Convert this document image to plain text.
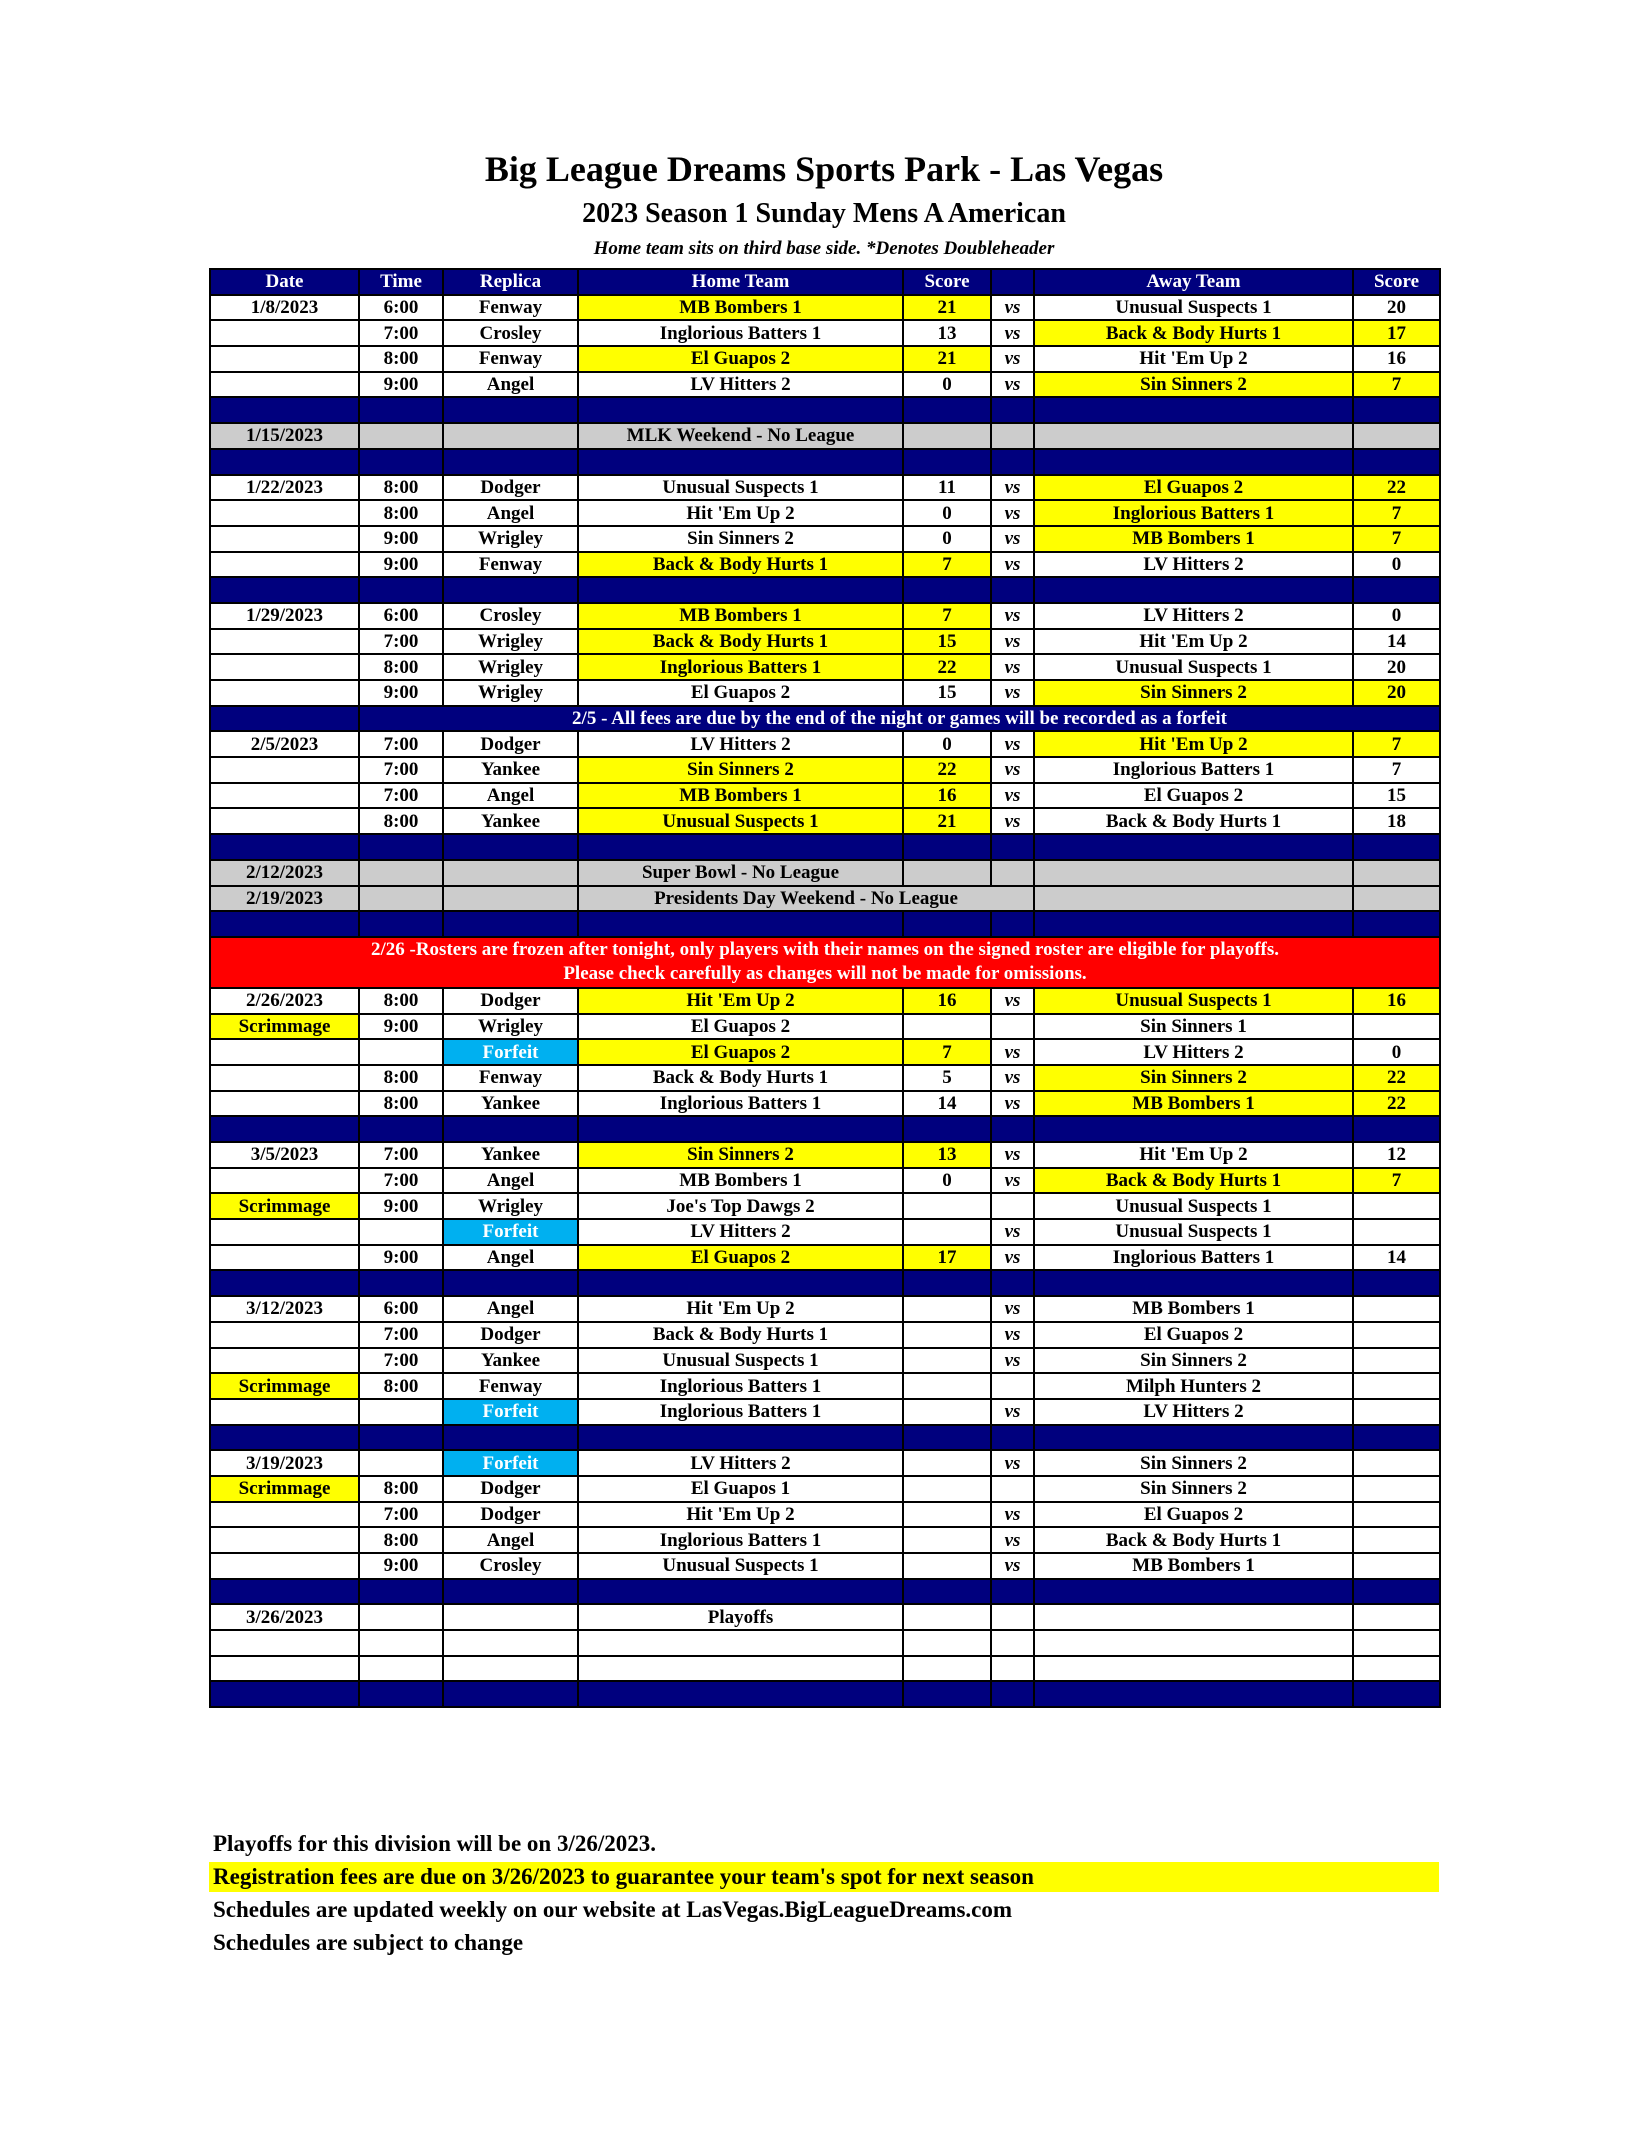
Big League Dreams Sports Park - Las Vegas
2023 Season 1 Sunday Mens A American
Home team sits on third base side. *Denotes Doubleheader
Date	Time	Replica	Home Team	Score		Away Team	Score
1/8/2023	6:00	Fenway	MB Bombers 1	21	vs	Unusual Suspects 1	20
	7:00	Crosley	Inglorious Batters 1	13	vs	Back & Body Hurts 1	17
	8:00	Fenway	El Guapos 2	21	vs	Hit 'Em Up 2	16
	9:00	Angel	LV Hitters 2	0	vs	Sin Sinners 2	7

1/15/2023			MLK Weekend - No League				

1/22/2023	8:00	Dodger	Unusual Suspects 1	11	vs	El Guapos 2	22
	8:00	Angel	Hit 'Em Up 2	0	vs	Inglorious Batters 1	7
	9:00	Wrigley	Sin Sinners 2	0	vs	MB Bombers 1	7
	9:00	Fenway	Back & Body Hurts 1	7	vs	LV Hitters 2	0

1/29/2023	6:00	Crosley	MB Bombers 1	7	vs	LV Hitters 2	0
	7:00	Wrigley	Back & Body Hurts 1	15	vs	Hit 'Em Up 2	14
	8:00	Wrigley	Inglorious Batters 1	22	vs	Unusual Suspects 1	20
	9:00	Wrigley	El Guapos 2	15	vs	Sin Sinners 2	20
	2/5 - All fees are due by the end of the night or games will be recorded as a forfeit						
2/5/2023	7:00	Dodger	LV Hitters 2	0	vs	Hit 'Em Up 2	7
	7:00	Yankee	Sin Sinners 2	22	vs	Inglorious Batters 1	7
	7:00	Angel	MB Bombers 1	16	vs	El Guapos 2	15
	8:00	Yankee	Unusual Suspects 1	21	vs	Back & Body Hurts 1	18

2/12/2023			Super Bowl - No League				
2/19/2023			Presidents Day Weekend - No League				

2/26 -Rosters are frozen after tonight, only players with their names on the signed roster are eligible for playoffs.
Please check carefully as changes will not be made for omissions.							

2/26/2023	8:00	Dodger	Hit 'Em Up 2	16	vs	Unusual Suspects 1	16
Scrimmage	9:00	Wrigley	El Guapos 2			Sin Sinners 1	
		Forfeit	El Guapos 2	7	vs	LV Hitters 2	0
	8:00	Fenway	Back & Body Hurts 1	5	vs	Sin Sinners 2	22
	8:00	Yankee	Inglorious Batters 1	14	vs	MB Bombers 1	22

3/5/2023	7:00	Yankee	Sin Sinners 2	13	vs	Hit 'Em Up 2	12
	7:00	Angel	MB Bombers 1	0	vs	Back & Body Hurts 1	7
Scrimmage	9:00	Wrigley	Joe's Top Dawgs 2			Unusual Suspects 1	
		Forfeit	LV Hitters 2		vs	Unusual Suspects 1	
	9:00	Angel	El Guapos 2	17	vs	Inglorious Batters 1	14

3/12/2023	6:00	Angel	Hit 'Em Up 2		vs	MB Bombers 1	
	7:00	Dodger	Back & Body Hurts 1		vs	El Guapos 2	
	7:00	Yankee	Unusual Suspects 1		vs	Sin Sinners 2	
Scrimmage	8:00	Fenway	Inglorious Batters 1			Milph Hunters 2	
		Forfeit	Inglorious Batters 1		vs	LV Hitters 2	

3/19/2023		Forfeit	LV Hitters 2		vs	Sin Sinners 2	
Scrimmage	8:00	Dodger	El Guapos 1			Sin Sinners 2	
	7:00	Dodger	Hit 'Em Up 2		vs	El Guapos 2	
	8:00	Angel	Inglorious Batters 1		vs	Back & Body Hurts 1	
	9:00	Crosley	Unusual Suspects 1		vs	MB Bombers 1	

3/26/2023			Playoffs				

Playoffs for this division will be on 3/26/2023.
Registration fees are due on 3/26/2023 to guarantee your team's spot for next season
Schedules are updated weekly on our website at LasVegas.BigLeagueDreams.com
Schedules are subject to change
